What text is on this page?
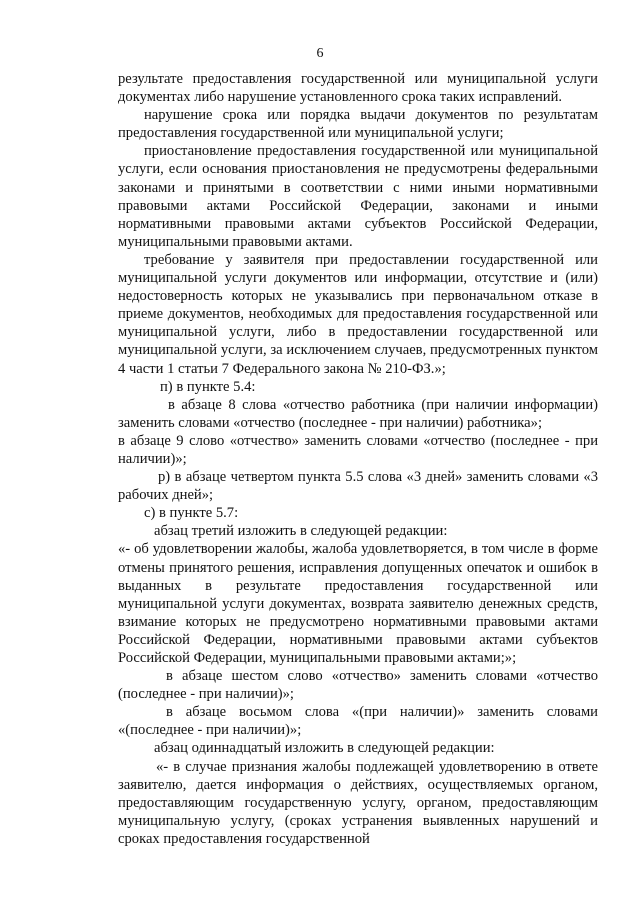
6

результате предоставления государственной или муниципальной услуги документах либо нарушение установленного срока таких исправлений.

нарушение срока или порядка выдачи документов по результатам предоставления государственной или муниципальной услуги;

приостановление предоставления государственной или муниципальной услуги, если основания приостановления не предусмотрены федеральными законами и принятыми в соответствии с ними иными нормативными правовыми актами Российской Федерации, законами и иными нормативными правовыми актами субъектов Российской Федерации, муниципальными правовыми актами.

требование у заявителя при предоставлении государственной или муниципальной услуги документов или информации, отсутствие и (или) недостоверность которых не указывались при первоначальном отказе в приеме документов, необходимых для предоставления государственной или муниципальной услуги, либо в предоставлении государственной или муниципальной услуги, за исключением случаев, предусмотренных пунктом 4 части 1 статьи 7 Федерального закона № 210-ФЗ.»;

п) в пункте 5.4:

в абзаце 8 слова «отчество работника (при наличии информации) заменить словами «отчество (последнее - при наличии) работника»;

в абзаце 9 слово «отчество» заменить словами «отчество (последнее - при наличии)»;

р) в абзаце четвертом пункта 5.5 слова «3 дней» заменить словами «3 рабочих дней»;

с) в пункте 5.7:

абзац третий изложить в следующей редакции:

«- об удовлетворении жалобы, жалоба удовлетворяется, в том числе в форме отмены принятого решения, исправления допущенных опечаток и ошибок в выданных в результате предоставления государственной или муниципальной услуги документах, возврата заявителю денежных средств, взимание которых не предусмотрено нормативными правовыми актами Российской Федерации, нормативными правовыми актами субъектов Российской Федерации, муниципальными правовыми актами;»;

в абзаце шестом слово «отчество» заменить словами «отчество (последнее - при наличии)»;

в абзаце восьмом слова «(при наличии)» заменить словами «(последнее - при наличии)»;

абзац одиннадцатый изложить в следующей редакции:

«- в случае признания жалобы подлежащей удовлетворению в ответе заявителю, дается информация о действиях, осуществляемых органом, предоставляющим государственную услугу, органом, предоставляющим муниципальную услугу, (сроках устранения выявленных нарушений и сроках предоставления государственной
